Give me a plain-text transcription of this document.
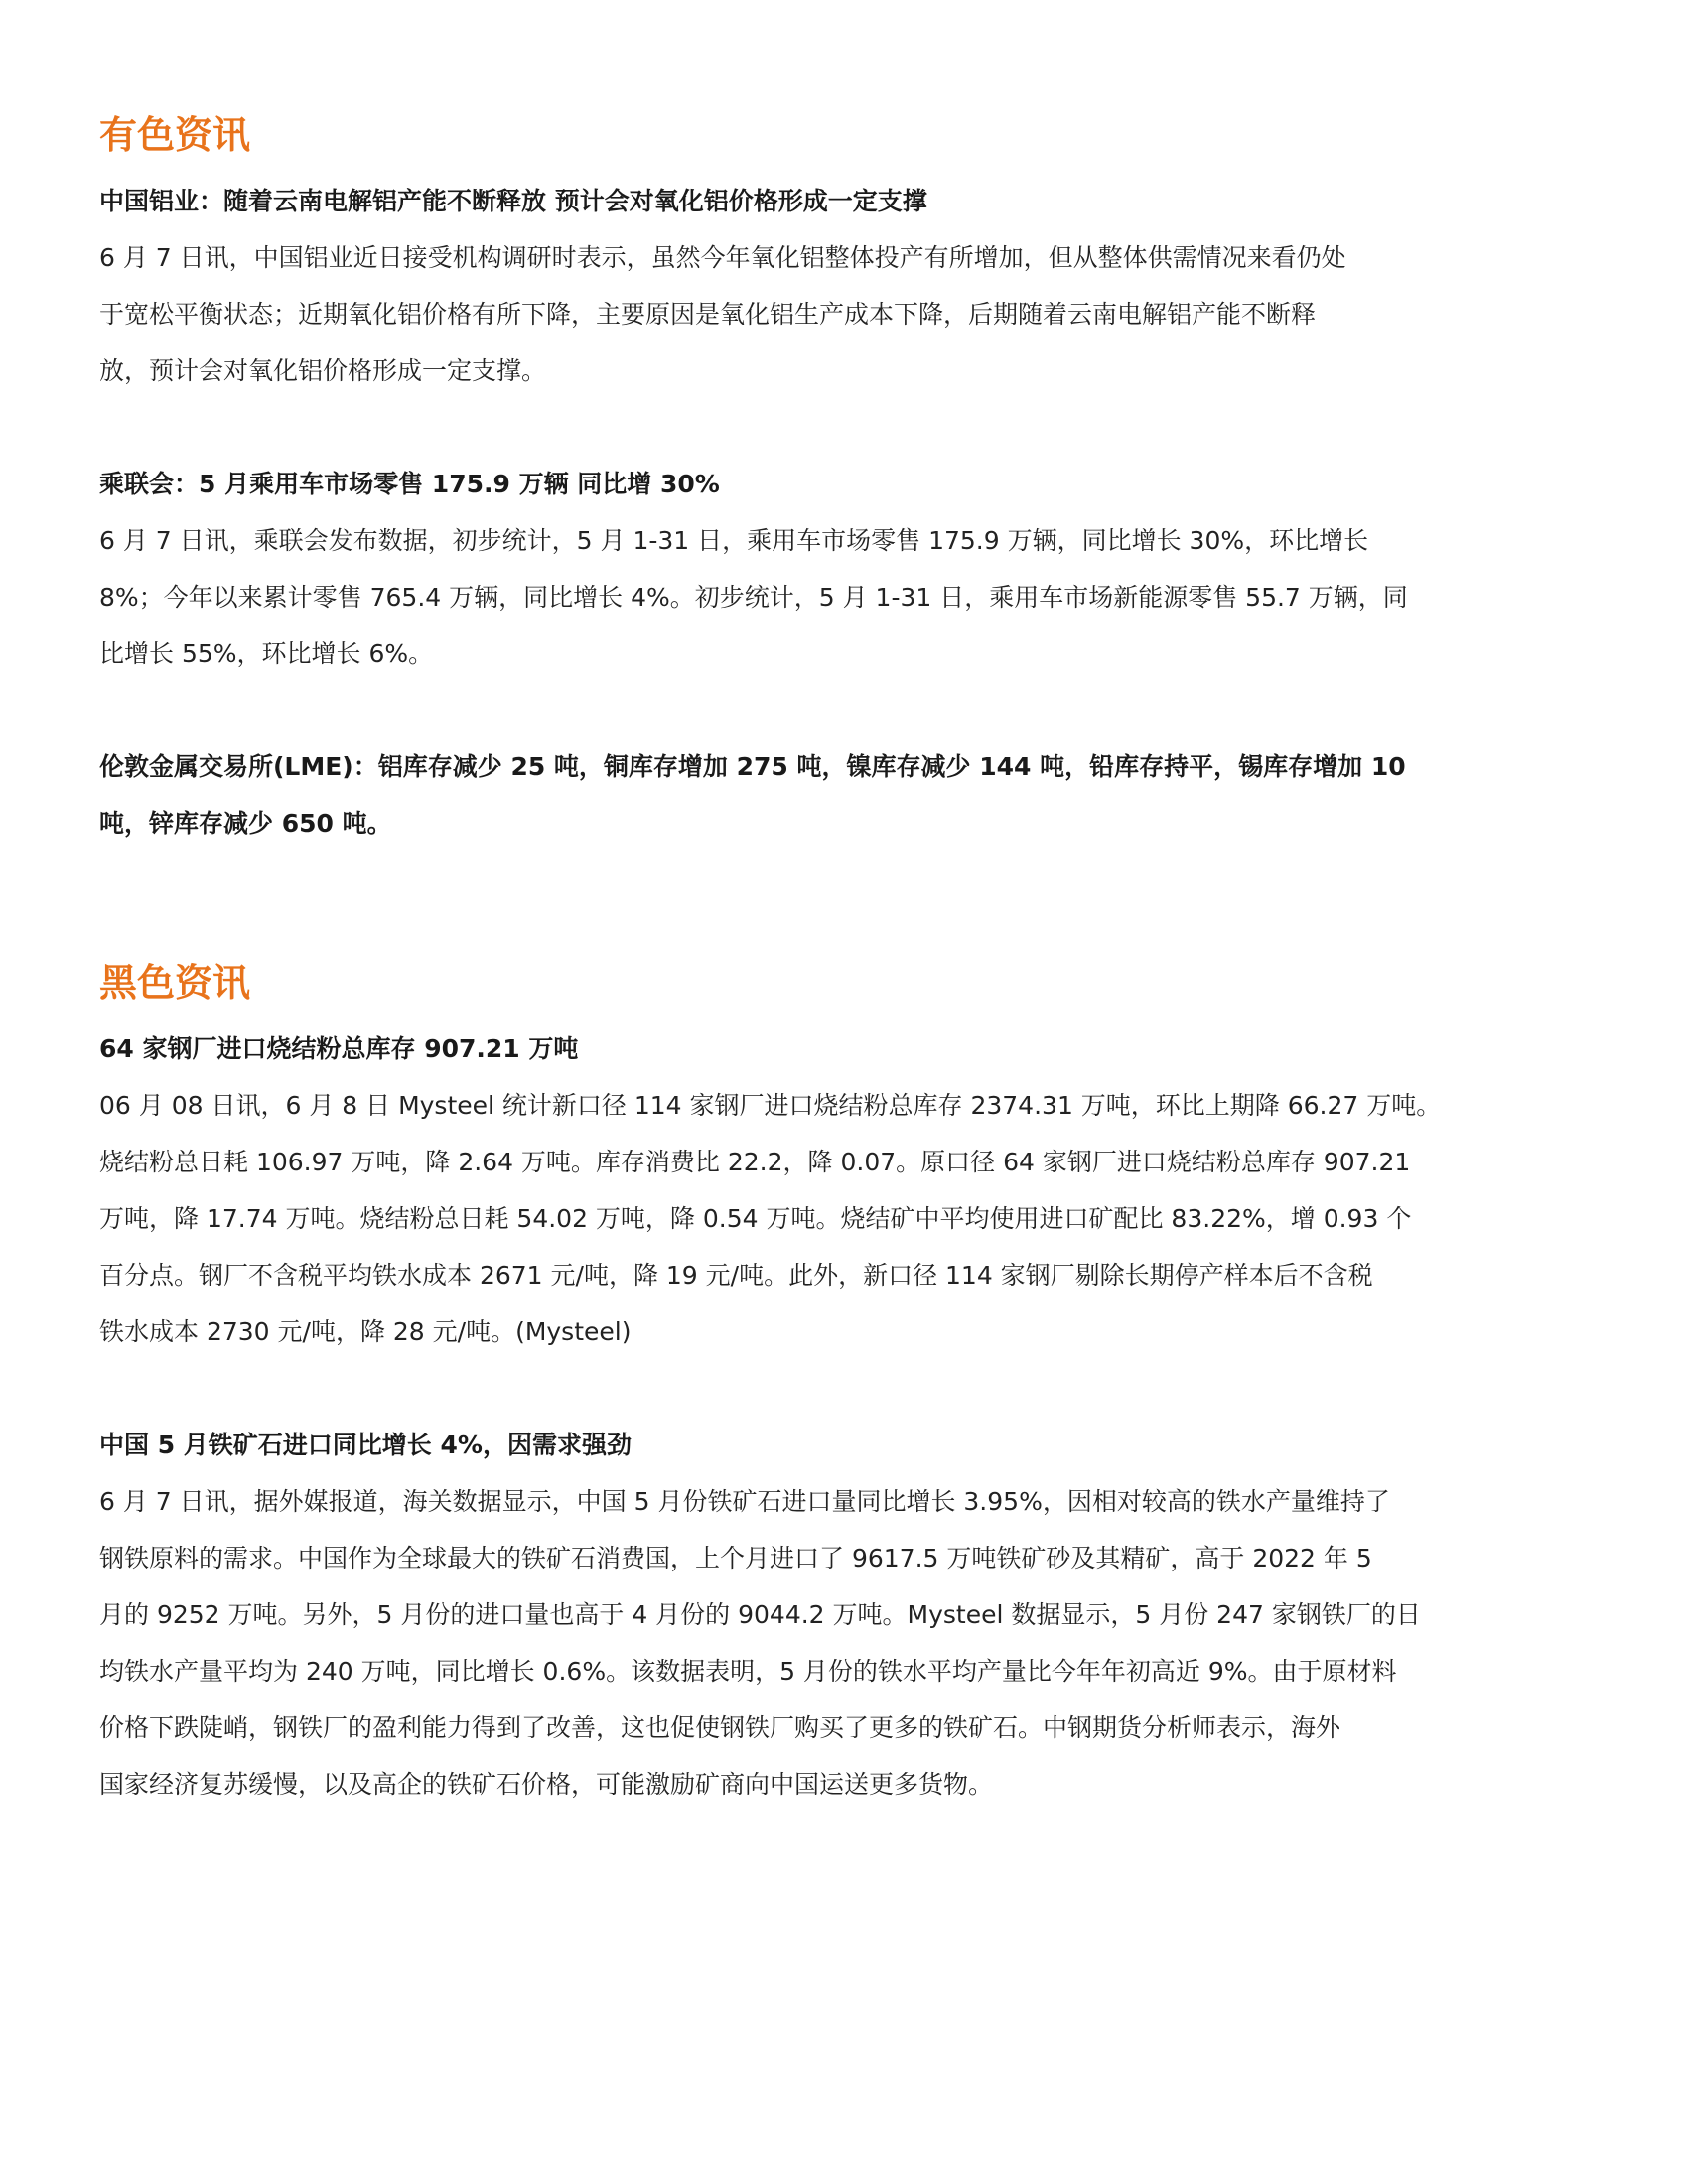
有色资讯

中国铝业：随着云南电解铝产能不断释放 预计会对氧化铝价格形成一定支撑

6 月 7 日讯，中国铝业近日接受机构调研时表示，虽然今年氧化铝整体投产有所增加，但从整体供需情况来看仍处

于宽松平衡状态；近期氧化铝价格有所下降，主要原因是氧化铝生产成本下降，后期随着云南电解铝产能不断释

放，预计会对氧化铝价格形成一定支撑。

乘联会：5 月乘用车市场零售 175.9 万辆 同比增 30%

6 月 7 日讯，乘联会发布数据，初步统计，5 月 1-31 日，乘用车市场零售 175.9 万辆，同比增长 30%，环比增长

8%；今年以来累计零售 765.4 万辆，同比增长 4%。初步统计，5 月 1-31 日，乘用车市场新能源零售 55.7 万辆，同

比增长 55%，环比增长 6%。

伦敦金属交易所(LME)：铝库存减少 25 吨，铜库存增加 275 吨，镍库存减少 144 吨，铅库存持平，锡库存增加 10

吨，锌库存减少 650 吨。

黑色资讯

64 家钢厂进口烧结粉总库存 907.21 万吨

06 月 08 日讯，6 月 8 日 Mysteel 统计新口径 114 家钢厂进口烧结粉总库存 2374.31 万吨，环比上期降 66.27 万吨。

烧结粉总日耗 106.97 万吨，降 2.64 万吨。库存消费比 22.2，降 0.07。原口径 64 家钢厂进口烧结粉总库存 907.21

万吨，降 17.74 万吨。烧结粉总日耗 54.02 万吨，降 0.54 万吨。烧结矿中平均使用进口矿配比 83.22%，增 0.93 个

百分点。钢厂不含税平均铁水成本 2671 元/吨，降 19 元/吨。此外，新口径 114 家钢厂剔除长期停产样本后不含税

铁水成本 2730 元/吨，降 28 元/吨。(Mysteel)

中国 5 月铁矿石进口同比增长 4%，因需求强劲

6 月 7 日讯，据外媒报道，海关数据显示，中国 5 月份铁矿石进口量同比增长 3.95%，因相对较高的铁水产量维持了

钢铁原料的需求。中国作为全球最大的铁矿石消费国，上个月进口了 9617.5 万吨铁矿砂及其精矿，高于 2022 年 5

月的 9252 万吨。另外，5 月份的进口量也高于 4 月份的 9044.2 万吨。Mysteel 数据显示，5 月份 247 家钢铁厂的日

均铁水产量平均为 240 万吨，同比增长 0.6%。该数据表明，5 月份的铁水平均产量比今年年初高近 9%。由于原材料

价格下跌陡峭，钢铁厂的盈利能力得到了改善，这也促使钢铁厂购买了更多的铁矿石。中钢期货分析师表示，海外

国家经济复苏缓慢，以及高企的铁矿石价格，可能激励矿商向中国运送更多货物。
